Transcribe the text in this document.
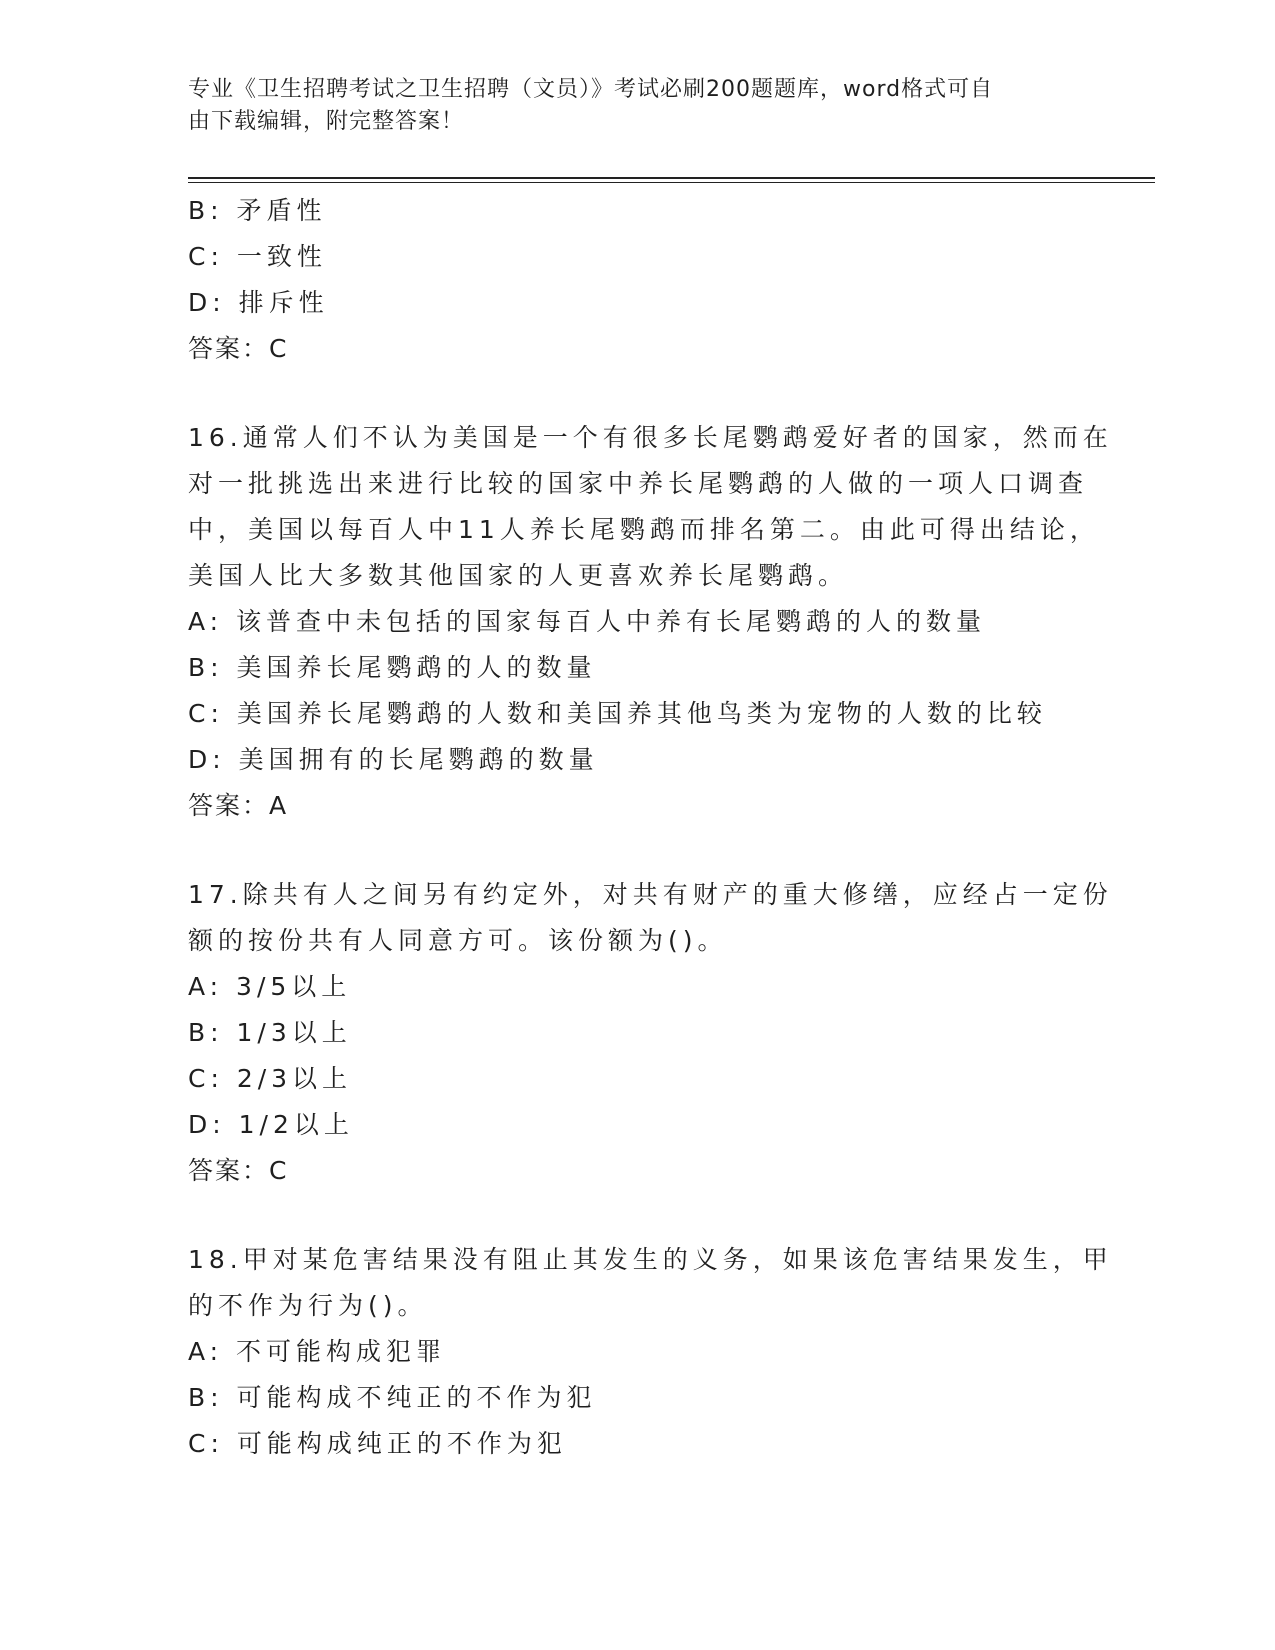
专业《卫生招聘考试之卫生招聘（文员）》考试必刷200题题库，word格式可自
由下载编辑，附完整答案！
B: 矛盾性
C: 一致性
D: 排斥性
答案：C
16.通常人们不认为美国是一个有很多长尾鹦鹉爱好者的国家，然而在
对一批挑选出来进行比较的国家中养长尾鹦鹉的人做的一项人口调查
中，美国以每百人中11人养长尾鹦鹉而排名第二。由此可得出结论，
美国人比大多数其他国家的人更喜欢养长尾鹦鹉。
A: 该普查中未包括的国家每百人中养有长尾鹦鹉的人的数量
B: 美国养长尾鹦鹉的人的数量
C: 美国养长尾鹦鹉的人数和美国养其他鸟类为宠物的人数的比较
D: 美国拥有的长尾鹦鹉的数量
答案：A
17.除共有人之间另有约定外，对共有财产的重大修缮，应经占一定份
额的按份共有人同意方可。该份额为()。
A: 3/5以上
B: 1/3以上
C: 2/3以上
D: 1/2以上
答案：C
18.甲对某危害结果没有阻止其发生的义务，如果该危害结果发生，甲
的不作为行为()。
A: 不可能构成犯罪
B: 可能构成不纯正的不作为犯
C: 可能构成纯正的不作为犯
